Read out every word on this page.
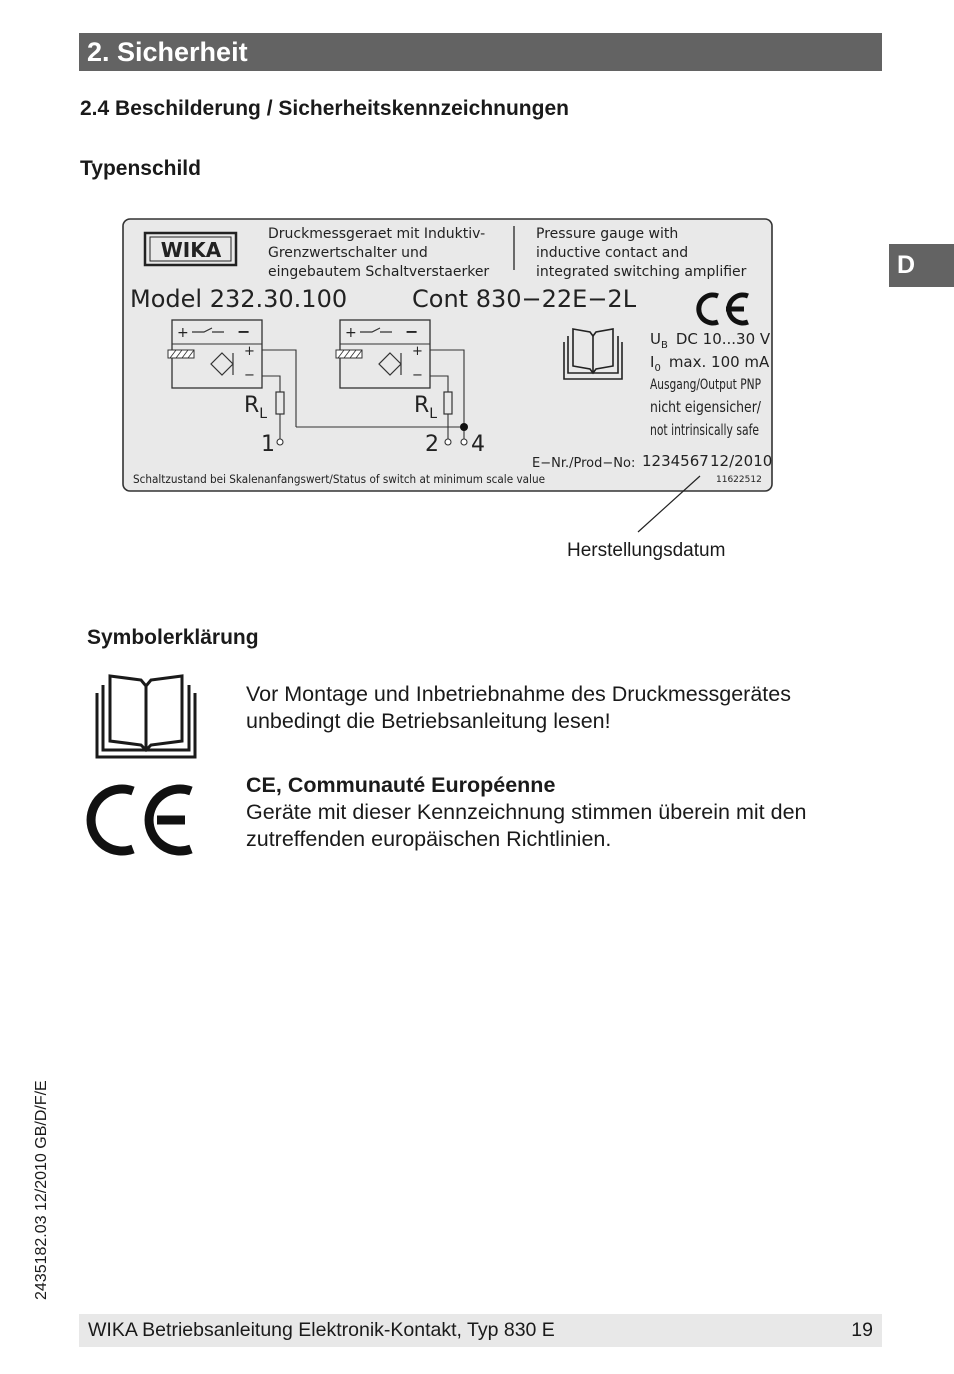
2. Sicherheit
D
2.4 Beschilderung / Sicherheitskennzeichnungen
Typenschild
WIKA
Druckmessgeraet mit Induktiv-
Grenzwertschalter und
eingebautem Schaltverstaerker
Pressure gauge with
inductive contact and
integrated switching amplifier
Model 232.30.100	Cont 830−22E−2L
+	−
+
−
$R_L$
1
+	−
+
−
$R_L$
2 4
$U_B$ DC 10...30 V
$I_0$ max. 100 mA
Ausgang/Output PNP
nicht eigensicher/
not intrinsically safe
E−Nr./Prod−No: 1234567 12/2010
11622512
Schaltzustand bei Skalenanfangswert/Status of switch at minimum scale value
Herstellungsdatum
Symbolerklärung
Vor Montage und Inbetriebnahme des Druckmessgerätes
unbedingt die Betriebsanleitung lesen!
CE, Communauté Européenne
Geräte mit dieser Kennzeichnung stimmen überein mit den
zutreffenden europäischen Richtlinien.
2435182.03 12/2010 GB/D/F/E
WIKA Betriebsanleitung Elektronik-Kontakt, Typ 830 E	19
